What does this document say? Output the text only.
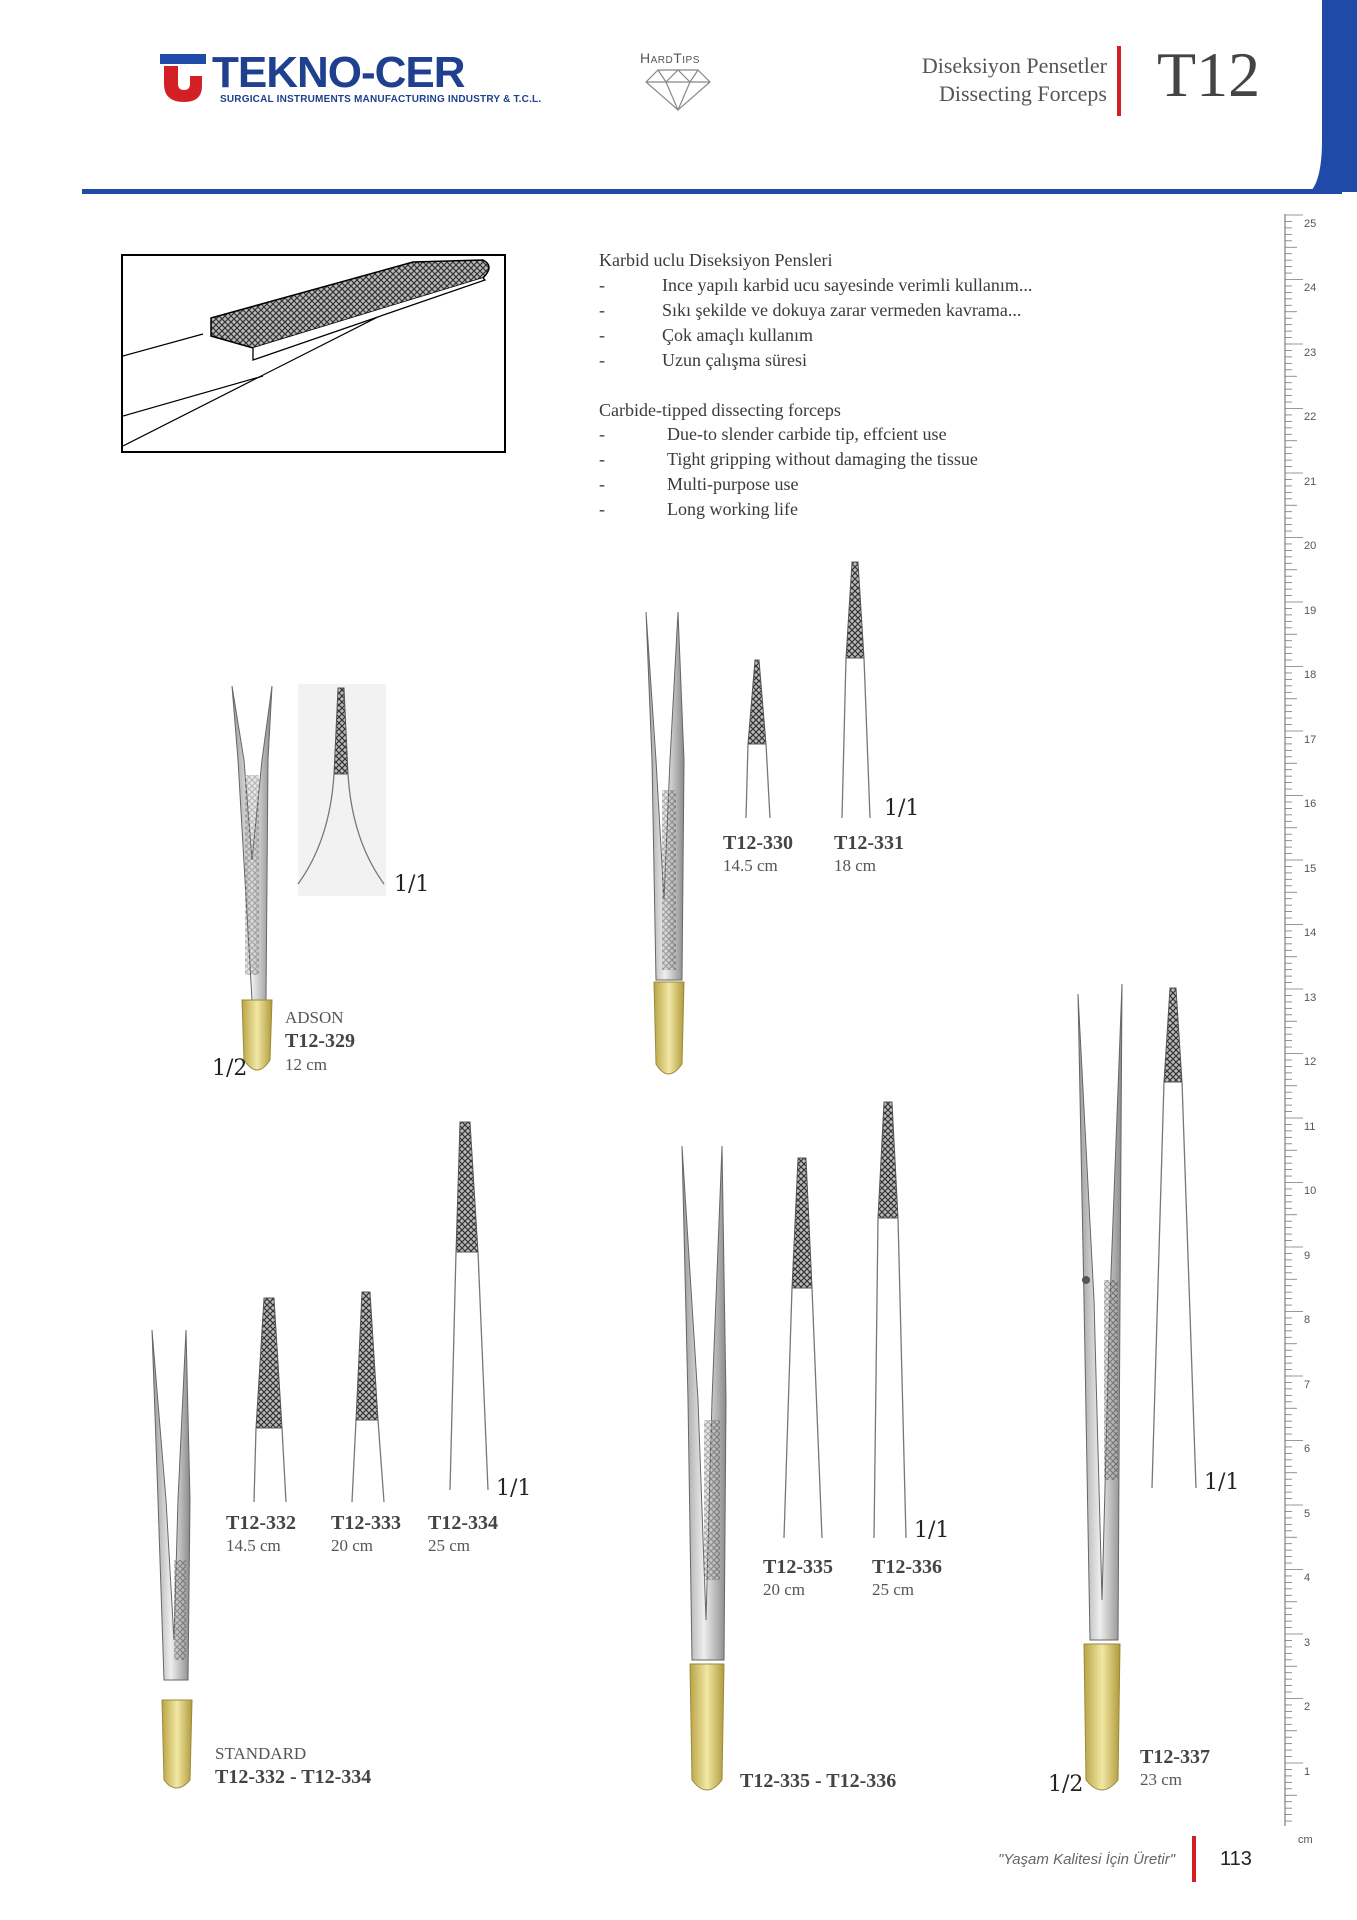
TEKNO-CER
SURGICAL INSTRUMENTS MANUFACTURING INDUSTRY & T.C.L.
HardTips	Diseksiyon Pensetler
Dissecting Forceps T12
Karbid uclu Diseksiyon Pensleri
-	Ince yapılı karbid ucu sayesinde verimli kullanım...
-	Sıkı şekilde ve dokuya zarar vermeden kavrama...
-	Çok amaçlı kullanım
-	Uzun çalışma süresi
Carbide-tipped dissecting forceps
-	Due-to slender carbide tip, effcient use
-	Tight gripping without damaging the tissue
-	Multi-purpose use
-	Long working life
1/1
1/2
ADSON
T12-329
12 cm
T12-330
14.5 cm
T12-331
18 cm
1/1
T12-332
14.5 cm
T12-333
20 cm
T12-334
25 cm
1/1
STANDARD
T12-332 - T12-334
T12-335
20 cm
T12-336
25 cm
1/1
T12-335 - T12-336
1/1
1/2
T12-337
23 cm
25
24
23
22
21
20
19
18
17
16
15
14
13
12
11
10
9
8
7
6
5
4
3
2
1
cm
"Yaşam Kalitesi İçin Üretir" 113
